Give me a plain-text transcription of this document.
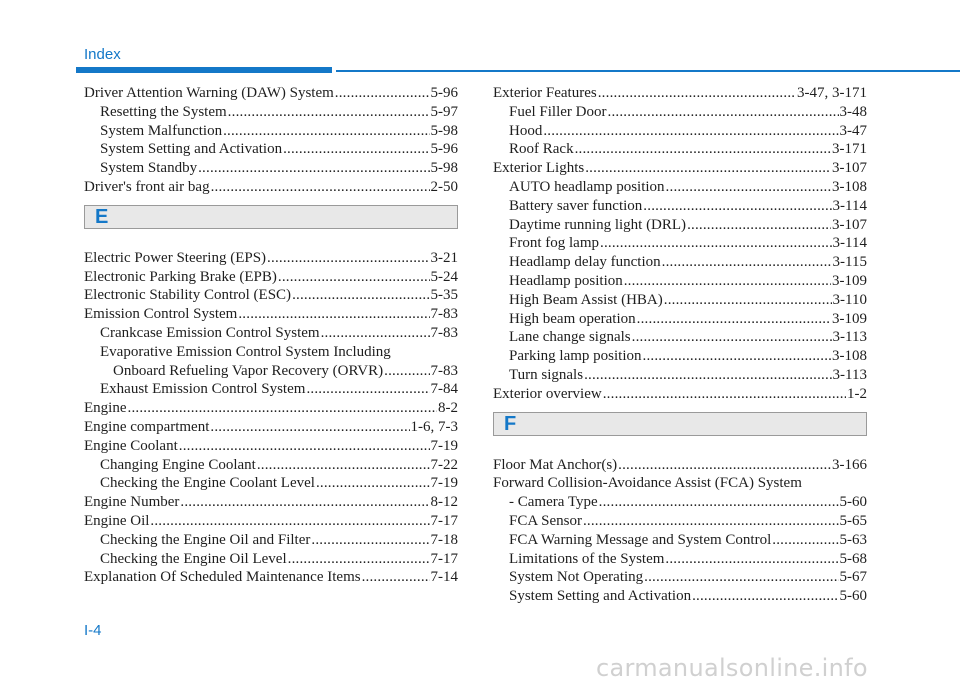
Index
Driver Attention Warning (DAW) System .....	5-96
Resetting the System .....	5-97
System Malfunction .....	5-98
System Setting and Activation .....	5-96
System Standby .....	5-98
Driver's front air bag .....	2-50
E
Electric Power Steering (EPS) .....	3-21
Electronic Parking Brake (EPB) .....	5-24
Electronic Stability Control (ESC) .....	5-35
Emission Control System .....	7-83
Crankcase Emission Control System .....	7-83
Evaporative Emission Control System Including
Onboard Refueling Vapor Recovery (ORVR) .....	7-83
Exhaust Emission Control System .....	7-84
Engine .....	8-2
Engine compartment .....	1-6, 7-3
Engine Coolant .....	7-19
Changing Engine Coolant .....	7-22
Checking the Engine Coolant Level .....	7-19
Engine Number .....	8-12
Engine Oil .....	7-17
Checking the Engine Oil and Filter .....	7-18
Checking the Engine Oil Level .....	7-17
Explanation Of Scheduled Maintenance Items .....	7-14
Exterior Features .....	3-47, 3-171
Fuel Filler Door .....	3-48
Hood .....	3-47
Roof Rack .....	3-171
Exterior Lights .....	3-107
AUTO headlamp position .....	3-108
Battery saver function .....	3-114
Daytime running light (DRL) .....	3-107
Front fog lamp .....	3-114
Headlamp delay function .....	3-115
Headlamp position .....	3-109
High Beam Assist (HBA) .....	3-110
High beam operation .....	3-109
Lane change signals .....	3-113
Parking lamp position .....	3-108
Turn signals .....	3-113
Exterior overview .....	1-2
F
Floor Mat Anchor(s) .....	3-166
Forward Collision-Avoidance Assist (FCA) System
- Camera Type .....	5-60
FCA Sensor .....	5-65
FCA Warning Message and System Control .....	5-63
Limitations of the System .....	5-68
System Not Operating .....	5-67
System Setting and Activation .....	5-60
I-4
carmanualsonline.info
